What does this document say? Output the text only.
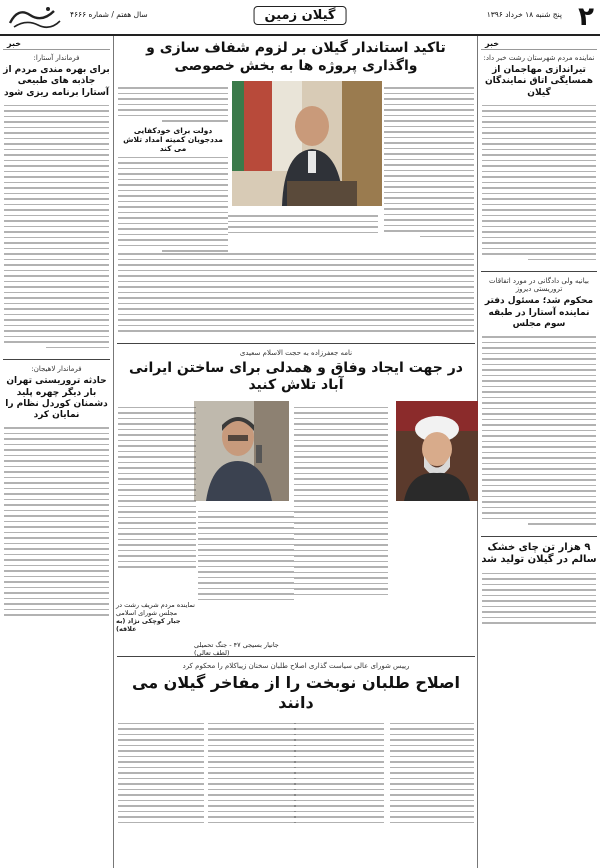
۲
پنج شنبه ۱۸ خرداد ۱۳۹۶
گیلان زمین
سال هفتم / شماره ۴۶۶۶
خبر
نماینده مردم شهرستان رشت خبر داد:
تیراندازی مهاجمان از همسایگی اتاق نمایندگان گیلان
بیانیه ولی دادگانی در مورد اتفاقات تروریستی دیروز
محکوم شد؛ مسئول دفتر نماینده آستارا در طبقه سوم مجلس
۹ هزار تن چای خشک سالم در گیلان تولید شد
خبر
فرماندار آستارا:
برای بهره مندی مردم از جاذبه های طبیعی آستارا برنامه ریزی شود
فرماندار لاهیجان:
حادثه تروریستی تهران بار دیگر چهره پلید دشمنان کوردل نظام را نمایان کرد
تاکید استاندار گیلان بر لزوم شفاف سازی و واگذاری پروژه ها به بخش خصوصی
دولت برای خودکفایی مددجویان کمیته امداد تلاش می کند
نامه جعفرزاده به حجت الاسلام سعیدی
در جهت ایجاد وفاق و همدلی برای ساختن ایرانی آباد تلاش کنید
نماینده مردم شریف رشت در مجلس شورای اسلامی
جبار کوچکی نژاد (به علاقه)
جانیار بسیجی ۴۷ - جنگ تحمیلی (لطف تعالی)
رییس شورای عالی سیاست گذاری اصلاح طلبان سخنان زیباکلام را محکوم کرد
اصلاح طلبان نوبخت را از مفاخر گیلان می دانند
